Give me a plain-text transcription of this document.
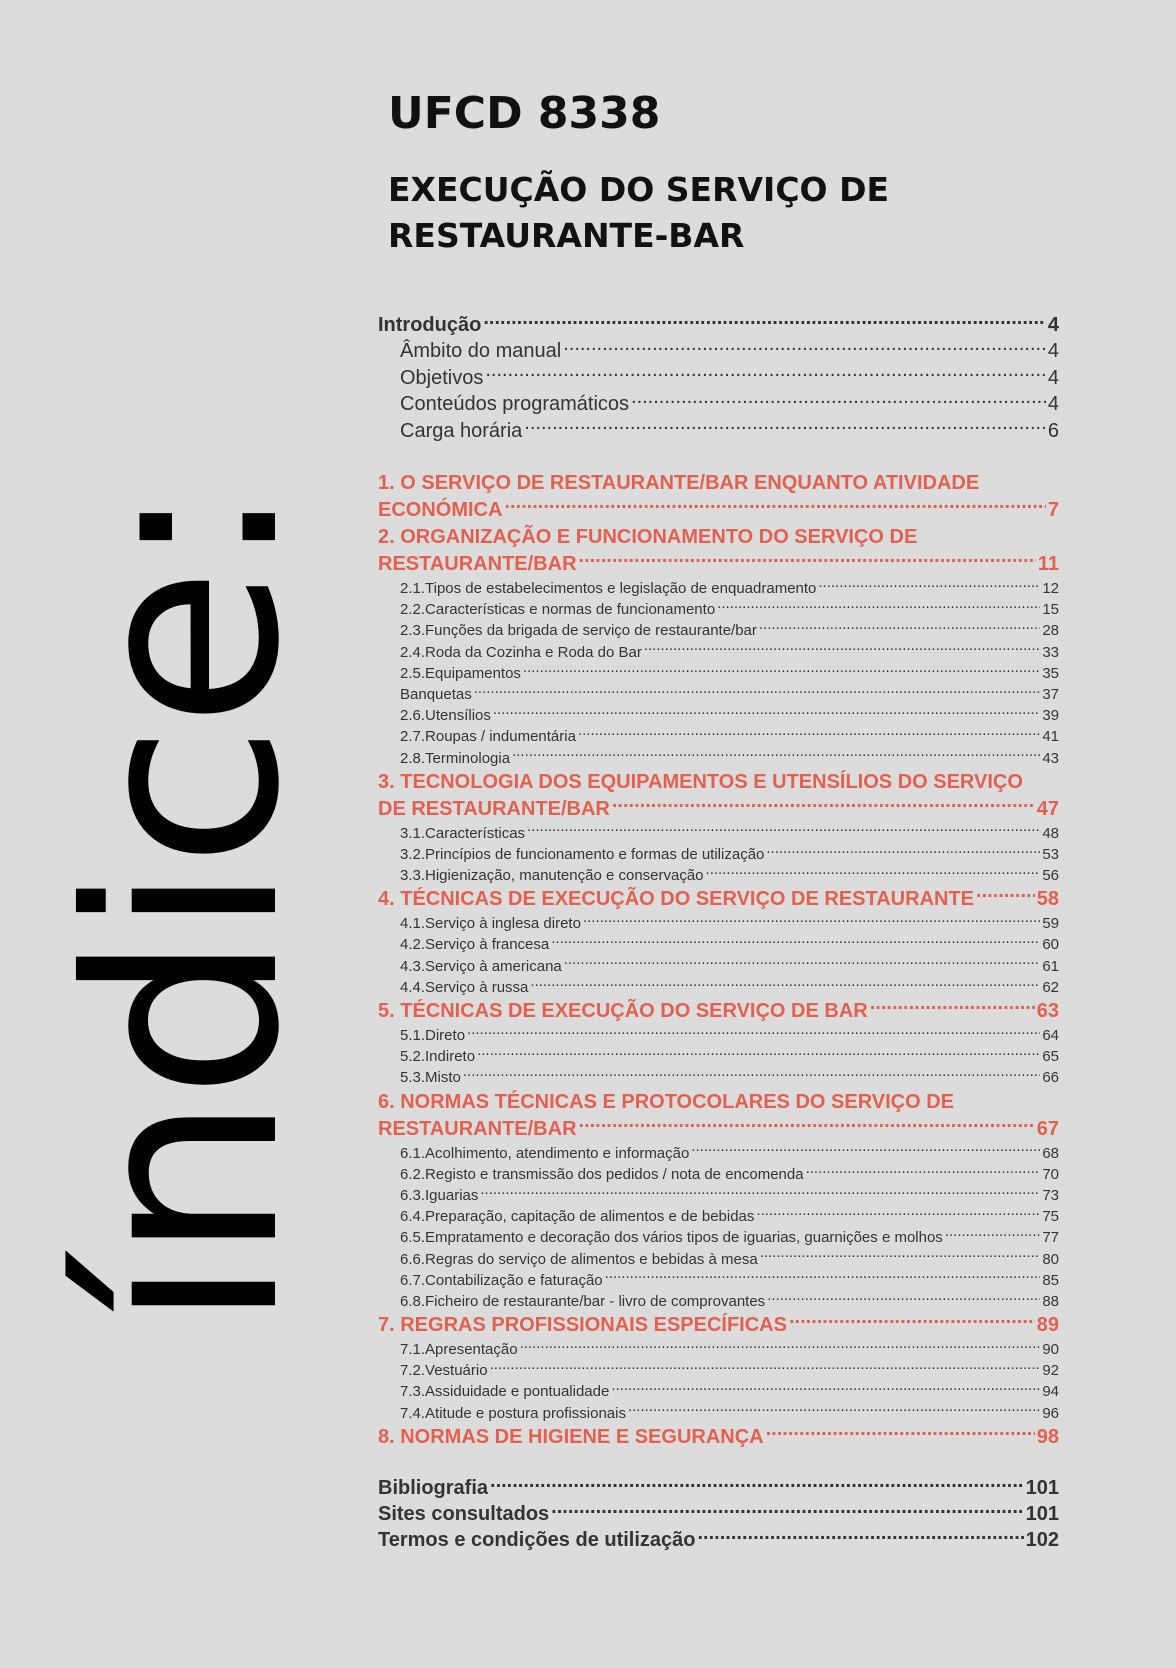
índice:
UFCD 8338
EXECUÇÃO DO SERVIÇO DE
RESTAURANTE-BAR
Introdução .....	4
Âmbito do manual .....	4
Objetivos .....	4
Conteúdos programáticos .....	4
Carga horária .....	6
1. O SERVIÇO DE RESTAURANTE/BAR ENQUANTO ATIVIDADE
ECONÓMICA .....	7
2. ORGANIZAÇÃO E FUNCIONAMENTO DO SERVIÇO DE
RESTAURANTE/BAR .....	11
2.1.Tipos de estabelecimentos e legislação de enquadramento .....	12
2.2.Características e normas de funcionamento .....	15
2.3.Funções da brigada de serviço de restaurante/bar .....	28
2.4.Roda da Cozinha e Roda do Bar .....	33
2.5.Equipamentos .....	35
Banquetas .....	37
2.6.Utensílios .....	39
2.7.Roupas / indumentária .....	41
2.8.Terminologia .....	43
3. TECNOLOGIA DOS EQUIPAMENTOS E UTENSÍLIOS DO SERVIÇO
DE RESTAURANTE/BAR .....	47
3.1.Características .....	48
3.2.Princípios de funcionamento e formas de utilização .....	53
3.3.Higienização, manutenção e conservação .....	56
4. TÉCNICAS DE EXECUÇÃO DO SERVIÇO DE RESTAURANTE .....	58
4.1.Serviço à inglesa direto .....	59
4.2.Serviço à francesa .....	60
4.3.Serviço à americana .....	61
4.4.Serviço à russa .....	62
5. TÉCNICAS DE EXECUÇÃO DO SERVIÇO DE BAR .....	63
5.1.Direto .....	64
5.2.Indireto .....	65
5.3.Misto .....	66
6. NORMAS TÉCNICAS E PROTOCOLARES DO SERVIÇO DE
RESTAURANTE/BAR .....	67
6.1.Acolhimento, atendimento e informação .....	68
6.2.Registo e transmissão dos pedidos / nota de encomenda .....	70
6.3.Iguarias .....	73
6.4.Preparação, capitação de alimentos e de bebidas .....	75
6.5.Empratamento e decoração dos vários tipos de iguarias, guarnições e molhos .....	77
6.6.Regras do serviço de alimentos e bebidas à mesa .....	80
6.7.Contabilização e faturação .....	85
6.8.Ficheiro de restaurante/bar - livro de comprovantes .....	88
7. REGRAS PROFISSIONAIS ESPECÍFICAS .....	89
7.1.Apresentação .....	90
7.2.Vestuário .....	92
7.3.Assiduidade e pontualidade .....	94
7.4.Atitude e postura profissionais .....	96
8. NORMAS DE HIGIENE E SEGURANÇA .....	98
Bibliografia .....	101
Sites consultados .....	101
Termos e condições de utilização .....	102
